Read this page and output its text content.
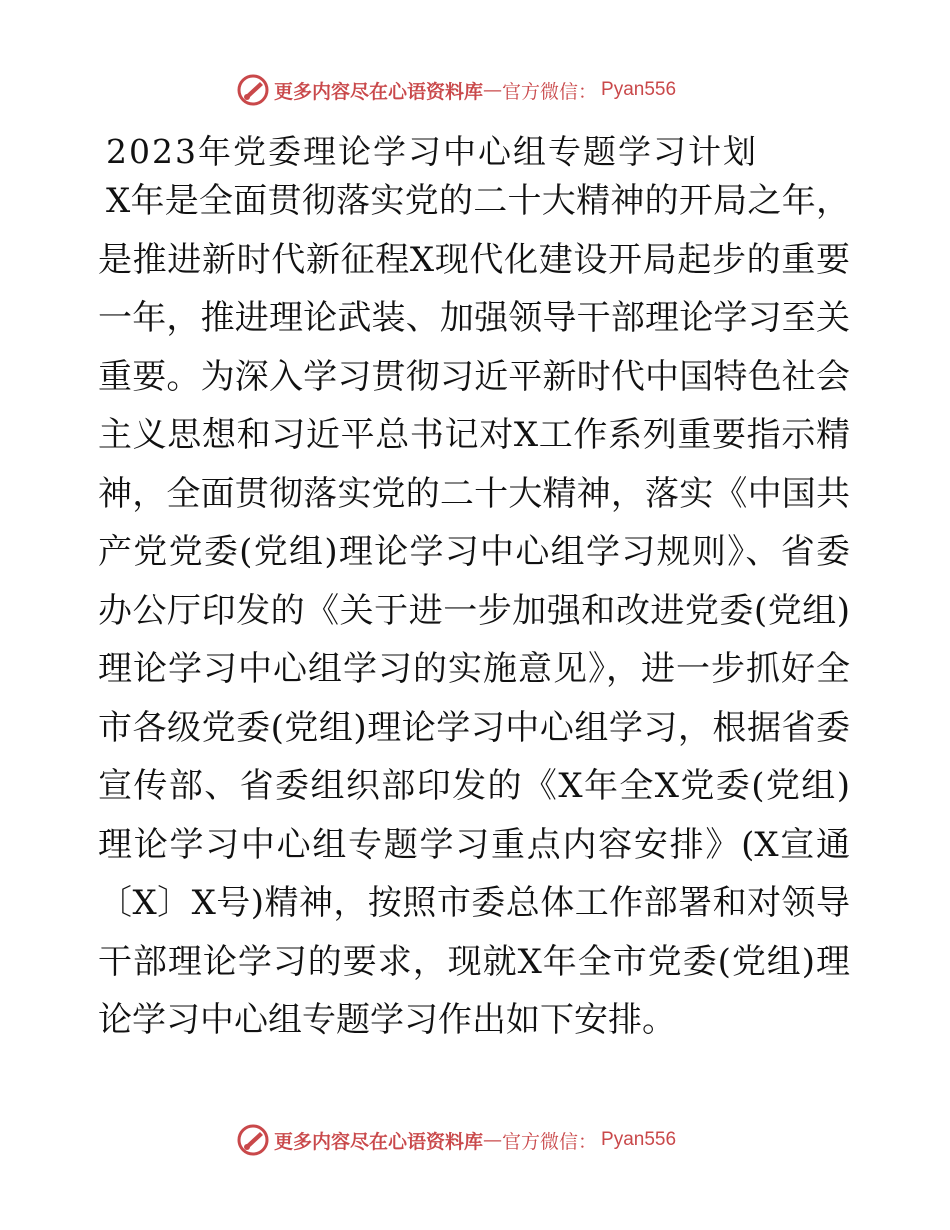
更多内容尽在心语资料库 — 官方微信： Pyan556
2023年党委理论学习中心组专题学习计划
X年是全面贯彻落实党的二十大精神的开局之年，
是推进新时代新征程X现代化建设开局起步的重要
一年，推进理论武装、加强领导干部理论学习至关
重要。为深入学习贯彻习近平新时代中国特色社会
主义思想和习近平总书记对X工作系列重要指示精
神，全面贯彻落实党的二十大精神，落实《中国共
产党党委(党组)理论学习中心组学习规则》、省委
办公厅印发的《关于进一步加强和改进党委(党组)
理论学习中心组学习的实施意见》，进一步抓好全
市各级党委(党组)理论学习中心组学习，根据省委
宣传部、省委组织部印发的《X年全X党委(党组)
理论学习中心组专题学习重点内容安排》(X宣通
〔X〕X号)精神，按照市委总体工作部署和对领导
干部理论学习的要求，现就X年全市党委(党组)理
论学习中心组专题学习作出如下安排。
更多内容尽在心语资料库 — 官方微信： Pyan556
